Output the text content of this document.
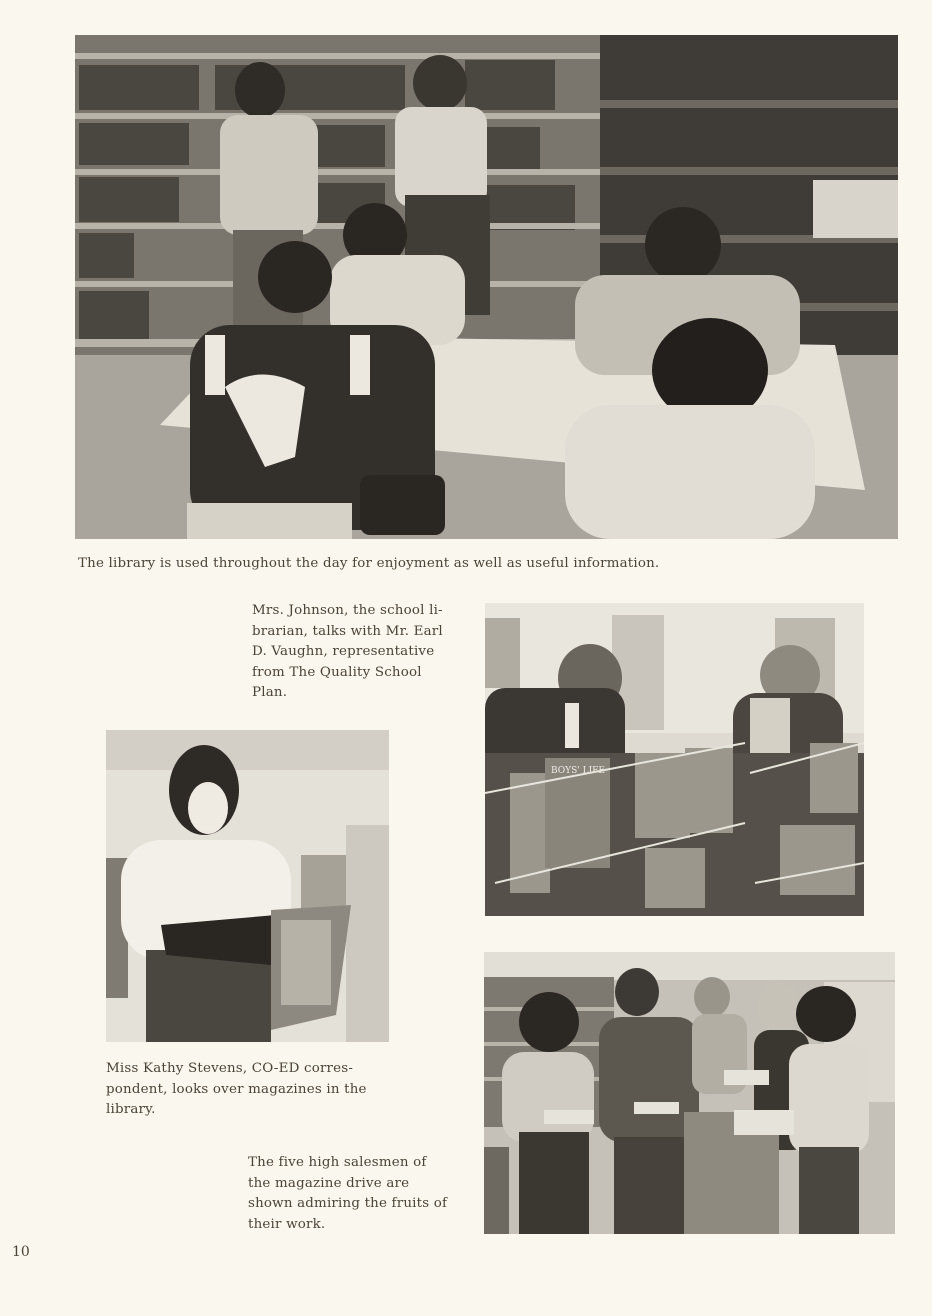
The library is used throughout the day for enjoyment as well as useful information.
Mrs. Johnson, the school li-
brarian, talks with Mr. Earl
D. Vaughn, representative
from The Quality School
Plan.
BOYS' LIFE
Miss Kathy Stevens, CO-ED corres-
pondent, looks over magazines in the
library.
The five high salesmen of
the magazine drive are
shown admiring the fruits of
their work.
10
